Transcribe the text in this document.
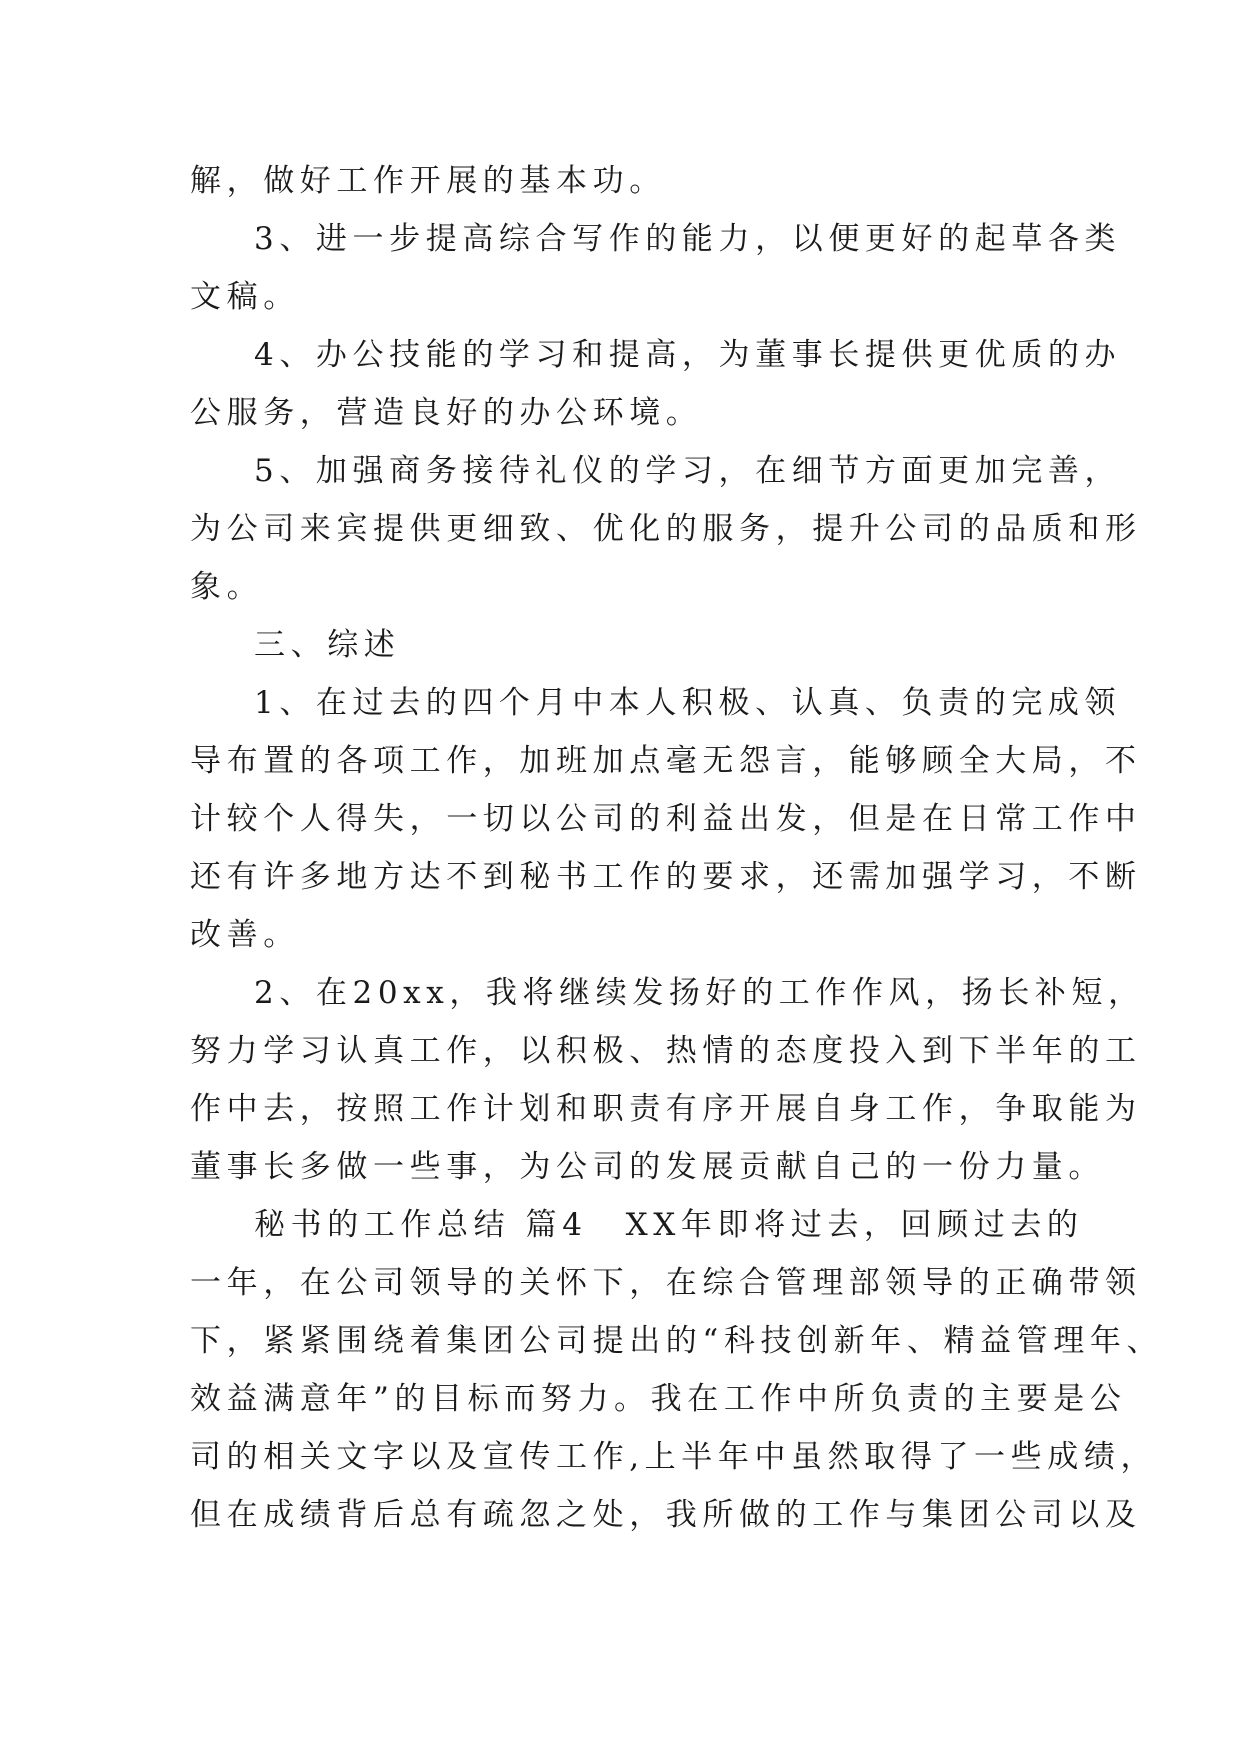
解，做好工作开展的基本功。
3、进一步提高综合写作的能力，以便更好的起草各类
文稿。
4、办公技能的学习和提高，为董事长提供更优质的办
公服务，营造良好的办公环境。
5、加强商务接待礼仪的学习，在细节方面更加完善，
为公司来宾提供更细致、优化的服务，提升公司的品质和形
象。
三、综述
1、在过去的四个月中本人积极、认真、负责的完成领
导布置的各项工作，加班加点毫无怨言，能够顾全大局，不
计较个人得失，一切以公司的利益出发，但是在日常工作中
还有许多地方达不到秘书工作的要求，还需加强学习，不断
改善。
2、在20xx，我将继续发扬好的工作作风，扬长补短，
努力学习认真工作，以积极、热情的态度投入到下半年的工
作中去，按照工作计划和职责有序开展自身工作，争取能为
董事长多做一些事，为公司的发展贡献自己的一份力量。
秘书的工作总结 篇4 XX年即将过去，回顾过去的
一年，在公司领导的关怀下，在综合管理部领导的正确带领
下，紧紧围绕着集团公司提出的“科技创新年、精益管理年、
效益满意年”的目标而努力。我在工作中所负责的主要是公
司的相关文字以及宣传工作,上半年中虽然取得了一些成绩，
但在成绩背后总有疏忽之处，我所做的工作与集团公司以及
